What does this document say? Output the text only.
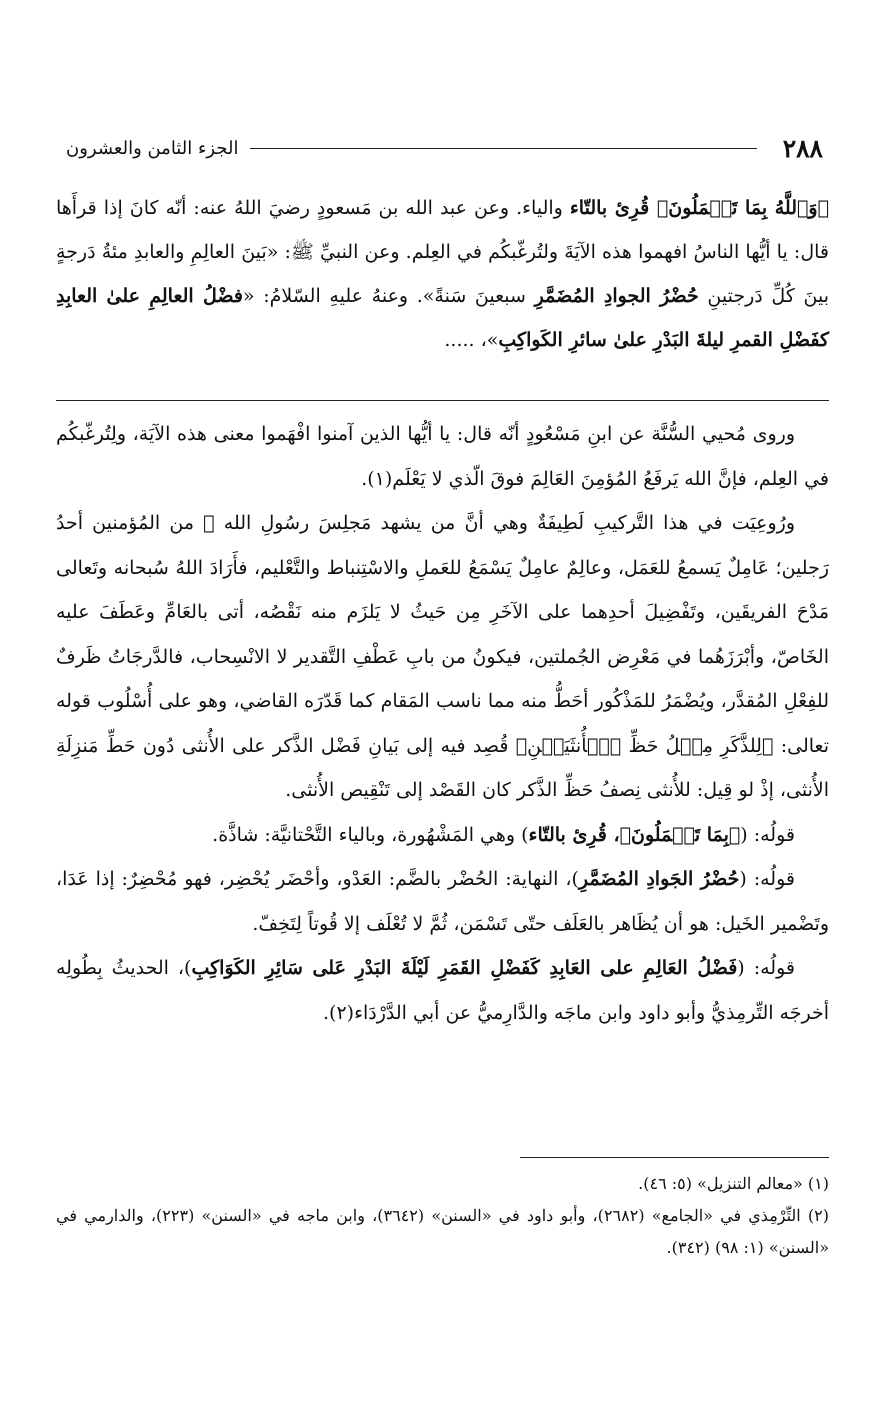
٢٨٨
الجزء الثامن والعشرون

﴿وَٱللَّهُ بِمَا تَعۡمَلُونَ﴾ قُرِئ بالتّاء والياء. وعن عبد الله بن مَسعودٍ رضيَ اللهُ عنه: أنّه كانَ إذا قرأَها قال: يا أيُّها الناسُ افهموا هذه الآيَةَ ولتُرغّبكُم في العِلم. وعن النبيِّ ﷺ: «بَينَ العالِمِ والعابدِ مئةُ دَرجةٍ بينَ كُلِّ دَرجتينِ حُضْرُ الجوادِ المُضَمَّرِ سبعينَ سَنةً». وعنهُ عليهِ السّلامُ: «فضْلُ العالِمِ علىٰ العابِدِ كفَضْلِ القمرِ ليلةَ البَدْرِ علىٰ سائرِ الكَواكِبِ»، .....

وروى مُحيي السُّنَّة عن ابنِ مَسْعُودٍ أنّه قال: يا أيُّها الذين آمنوا افْهَموا معنى هذه الآيَة، ولِتُرغّبكُم في العِلم، فإنَّ الله يَرفَعُ المُؤمِنَ العَالِمَ فوقَ الّذي لا يَعْلَم(١).

ورُوعِيَت في هذا التَّركيبِ لَطِيفَةٌ وهي أنَّ من يشهد مَجلِسَ رسُولِ الله ﷺ من المُؤمنين أحدُ رَجلين؛ عَامِلٌ يَسمعُ للعَمَل، وعالِمٌ عامِلٌ يَسْمَعُ للعَملِ والاسْتِنباط والتَّعْليم، فأَرَادَ اللهُ سُبحانه وتَعالى مَدْحَ الفريقَين، وتَفْضِيلَ أحدِهما على الآخَرِ مِن حَيثُ لا يَلزَم منه نَقْصُه، أتى بالعَامِّ وعَطَفَ عليه الخَاصّ، وأبْرَزَهُما في مَعْرِض الجُملتين، فيكونُ من بابِ عَطْفِ التَّقدير لا الانْسِحاب، فالدَّرجَاتُ ظَرفٌ للفِعْلِ المُقدَّر، ويُضْمَرُ للمَذْكُور أحَطُّ منه مما ناسب المَقام كما قَدّرَه القاضي، وهو على أُسْلُوب قوله تعالى: ﴿لِلذَّكَرِ مِثۡلُ حَظِّ ٱلۡأُنثَيَيۡنِ﴾ قُصِد فيه إلى بَيانِ فَضْل الذَّكر على الأُنثى دُون حَطِّ مَنزِلَةِ الأُنثى، إذْ لو قِيل: للأُنثى نِصفُ حَظِّ الذَّكر كان القَصْد إلى تَنْقِيص الأُنثى.

قولُه: (﴿بِمَا تَعۡمَلُونَ﴾، قُرِئ بالتّاء) وهي المَشْهُورة، وبالياء التَّحْتانيَّة: شاذَّة.

قولُه: (حُضْرُ الجَوادِ المُضَمَّرِ)، النهاية: الحُضْر بالضَّم: العَدْو، وأحْضَر يُحْضِر، فهو مُحْضِرٌ: إذا عَدَا، وتَضْمير الخَيل: هو أن يُظَاهر بالعَلَف حتّى تَسْمَن، ثُمَّ لا تُعْلَف إلا قُوتاً لِتَخِفّ.

قولُه: (فَضْلُ العَالِمِ على العَابِدِ كَفَضْلِ القَمَرِ لَيْلَةَ البَدْرِ عَلى سَائِرِ الكَوَاكِبِ)، الحديثُ بِطُولِه أخرجَه التِّرمِذيُّ وأبو داود وابن ماجَه والدَّارِميُّ عن أبي الدَّرْدَاء(٢).

(١) «معالم التنزيل» (٥: ٤٦).

(٢) التِّرْمِذي في «الجامع» (٢٦٨٢)، وأبو داود في «السنن» (٣٦٤٢)، وابن ماجه في «السنن» (٢٢٣)، والدارمي في «السنن» (١: ٩٨) (٣٤٢).
